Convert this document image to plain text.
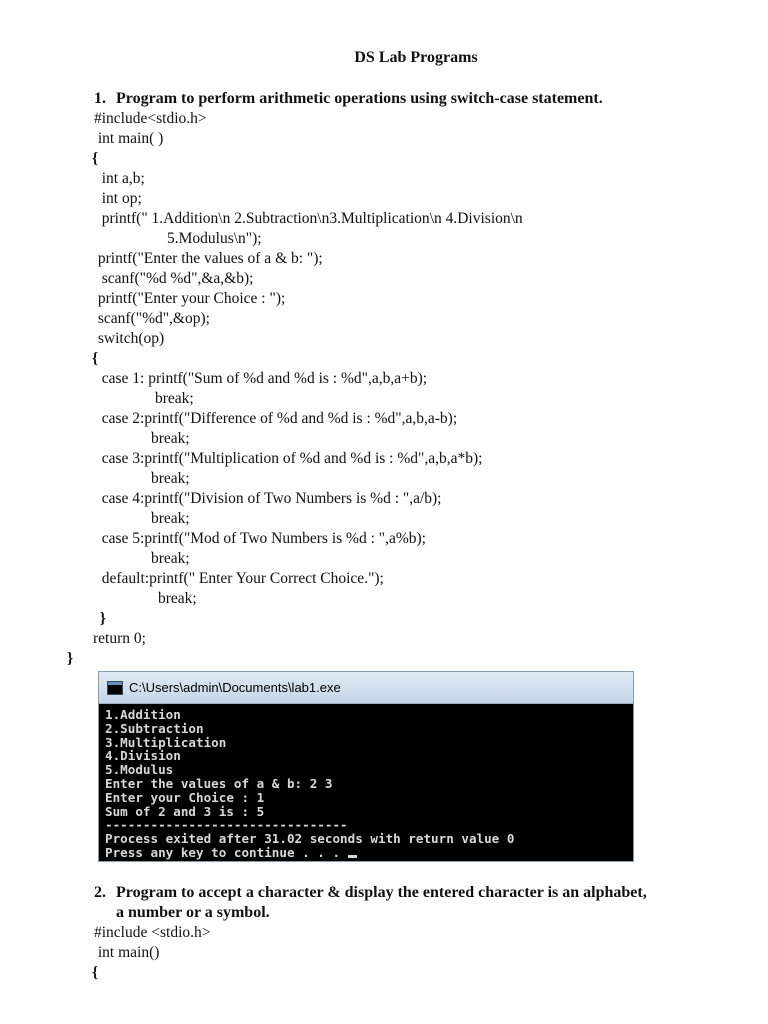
DS Lab Programs
1. Program to perform arithmetic operations using switch-case statement.
#include<stdio.h>
int main( )
{
int a,b;
int op;
printf(" 1.Addition\n 2.Subtraction\n3.Multiplication\n 4.Division\n
5.Modulus\n");
printf("Enter the values of a & b: ");
scanf("%d %d",&a,&b);
printf("Enter your Choice : ");
scanf("%d",&op);
switch(op)
{
case 1: printf("Sum of %d and %d is : %d",a,b,a+b);
break;
case 2:printf("Difference of %d and %d is : %d",a,b,a-b);
break;
case 3:printf("Multiplication of %d and %d is : %d",a,b,a*b);
break;
case 4:printf("Division of Two Numbers is %d : ",a/b);
break;
case 5:printf("Mod of Two Numbers is %d : ",a%b);
break;
default:printf(" Enter Your Correct Choice.");
break;
}
return 0;
}
C:\Users\admin\Documents\lab1.exe
1.Addition
2.Subtraction
3.Multiplication
4.Division
5.Modulus
Enter the values of a & b: 2 3
Enter your Choice : 1
Sum of 2 and 3 is : 5
--------------------------------
Process exited after 31.02 seconds with return value 0
Press any key to continue . . .
2. Program to accept a character & display the entered character is an alphabet,
a number or a symbol.
#include <stdio.h>
int main()
{
